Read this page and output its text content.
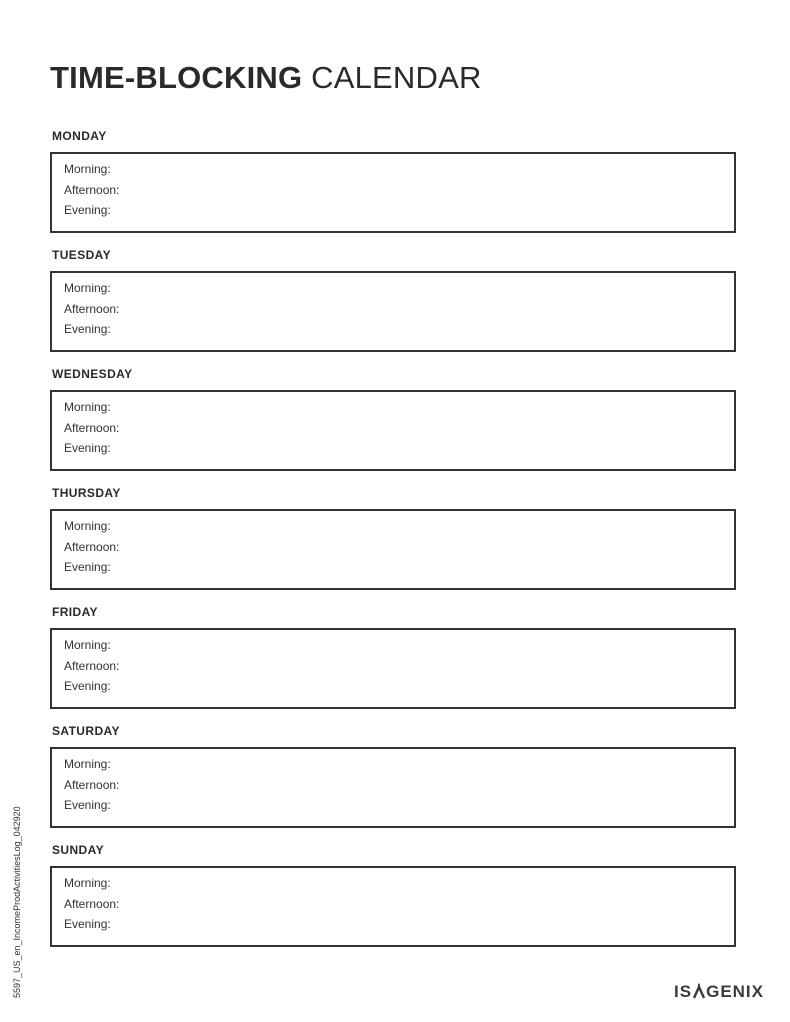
TIME-BLOCKING CALENDAR
MONDAY
Morning:
Afternoon:
Evening:
TUESDAY
Morning:
Afternoon:
Evening:
WEDNESDAY
Morning:
Afternoon:
Evening:
THURSDAY
Morning:
Afternoon:
Evening:
FRIDAY
Morning:
Afternoon:
Evening:
SATURDAY
Morning:
Afternoon:
Evening:
SUNDAY
Morning:
Afternoon:
Evening:
5597_US_en_IncomeProdActivitiesLog_042920	IS GENIX
